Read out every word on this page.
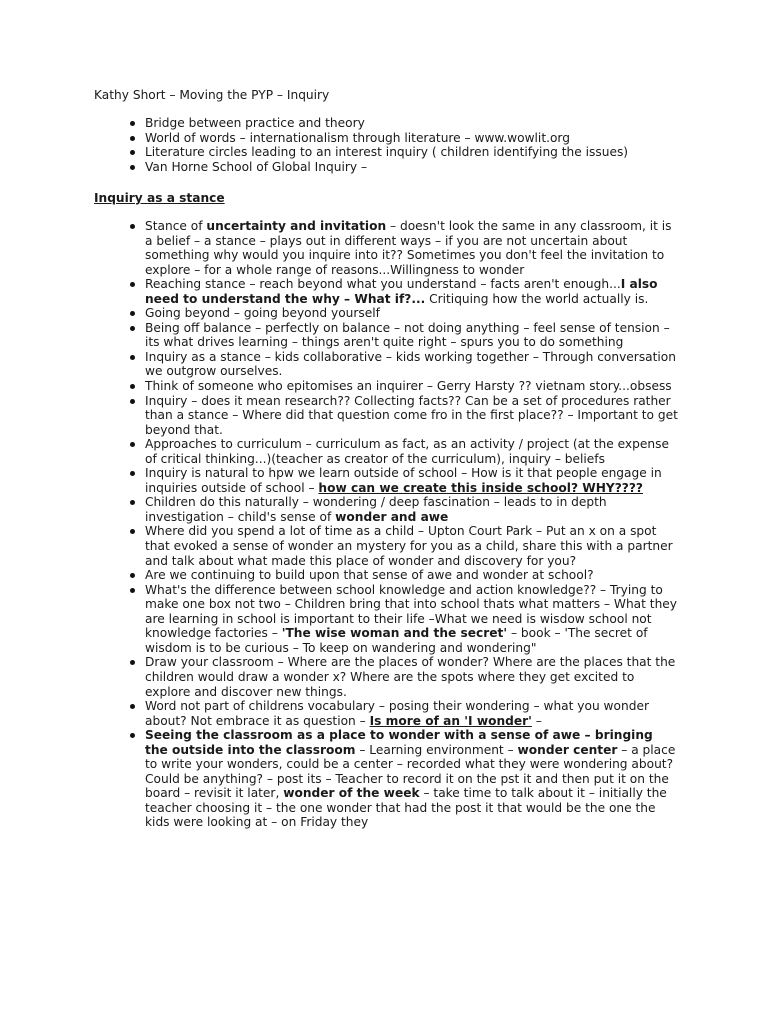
Kathy Short – Moving the PYP – Inquiry
Bridge between practice and theory
World of words – internationalism through literature – www.wowlit.org
Literature circles leading to an interest inquiry ( children identifying the issues)
Van Horne School of Global Inquiry –
Inquiry as a stance
Stance of uncertainty and invitation – doesn't look the same in any classroom, it is a belief – a stance – plays out in different ways – if you are not uncertain about something why would you inquire into it?? Sometimes you don't feel the invitation to explore – for a whole range of reasons...Willingness to wonder
Reaching stance – reach beyond what you understand – facts aren't enough...I also need to understand the why – What if?... Critiquing how the world actually is.
Going beyond – going beyond yourself
Being off balance – perfectly on balance – not doing anything – feel sense of tension – its what drives learning – things aren't quite right – spurs you to do something
Inquiry as a stance – kids collaborative – kids working together – Through conversation we outgrow ourselves.
Think of someone who epitomises an inquirer – Gerry Harsty ?? vietnam story...obsess
Inquiry – does it mean research?? Collecting facts?? Can be a set of procedures rather than a stance – Where did that question come fro in the first place?? – Important to get beyond that.
Approaches to curriculum – curriculum as fact, as an activity / project (at the expense of critical thinking...)(teacher as creator of the curriculum), inquiry – beliefs
Inquiry is natural to hpw we learn outside of school – How is it that people engage in inquiries outside of school – how can we create this inside school? WHY????
Children do this naturally – wondering / deep fascination – leads to in depth investigation – child's sense of wonder and awe
Where did you spend a lot of time as a child – Upton Court Park – Put an x on a spot that evoked a sense of wonder an mystery for you as a child, share this with a partner and talk about what made this place of wonder and discovery for you?
Are we continuing to build upon that sense of awe and wonder at school?
What's the difference between school knowledge and action knowledge?? – Trying to make one box not two – Children bring that into school thats what matters – What they are learning in school is important to their life –What we need is wisdow school not knowledge factories – 'The wise woman and the secret' – book – 'The secret of wisdom is to be curious – To keep on wandering and wondering"
Draw your classroom – Where are the places of wonder? Where are the places that the children would draw a wonder x? Where are the spots where they get excited to explore and discover new things.
Word not part of childrens vocabulary – posing their wondering – what you wonder about? Not embrace it as question – Is more of an 'I wonder' –
Seeing the classroom as a place to wonder with a sense of awe – bringing the outside into the classroom – Learning environment – wonder center – a place to write your wonders, could be a center – recorded what they were wondering about? Could be anything? – post its – Teacher to record it on the pst it and then put it on the board – revisit it later, wonder of the week – take time to talk about it – initially the teacher choosing it – the one wonder that had the post it that would be the one the kids were looking at – on Friday they
